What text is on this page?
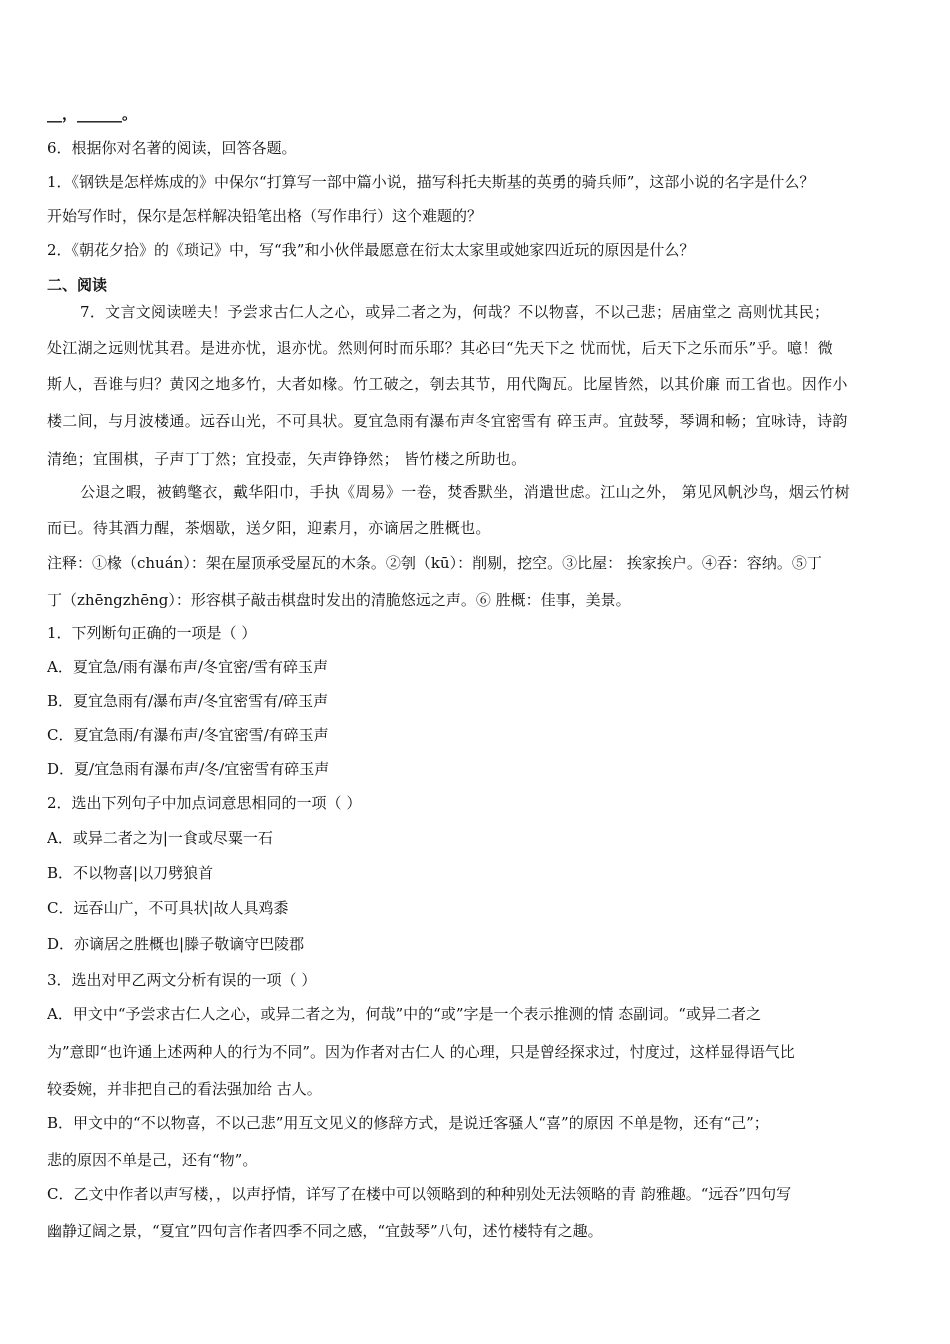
__，______。
6．根据你对名著的阅读，回答各题。
1．《钢铁是怎样炼成的》中保尔“打算写一部中篇小说，描写科托夫斯基的英勇的骑兵师”，这部小说的名字是什么？
开始写作时，保尔是怎样解决铅笔出格（写作串行）这个难题的？
2．《朝花夕拾》的《琐记》中，写“我”和小伙伴最愿意在衍太太家里或她家四近玩的原因是什么？
二、阅读
7．文言文阅读嗟夫！予尝求古仁人之心，或异二者之为，何哉？不以物喜，不以己悲；居庙堂之 高则忧其民；
处江湖之远则忧其君。是进亦忧，退亦忧。然则何时而乐耶？其必曰“先天下之 忧而忧，后天下之乐而乐”乎。噫！微
斯人，吾谁与归？黄冈之地多竹，大者如椽。竹工破之，刳去其节，用代陶瓦。比屋皆然，以其价廉 而工省也。因作小
楼二间，与月波楼通。远吞山光，不可具状。夏宜急雨有瀑布声冬宜密雪有 碎玉声。宜鼓琴，琴调和畅；宜咏诗，诗韵
清绝；宜围棋，子声丁丁然；宜投壶，矢声铮铮然； 皆竹楼之所助也。
公退之暇，被鹤氅衣，戴华阳巾，手执《周易》一卷，焚香默坐，消遣世虑。江山之外， 第见风帆沙鸟，烟云竹树
而已。待其酒力醒，茶烟歇，送夕阳，迎素月，亦谪居之胜概也。
注释：①椽（chuán）：架在屋顶承受屋瓦的木条。②刳（kū）：削剔，挖空。③比屋： 挨家挨户。④吞：容纳。⑤丁
丁（zhēngzhēng）：形容棋子敲击棋盘时发出的清脆悠远之声。⑥ 胜概：佳事，美景。
1．下列断句正确的一项是（ ）
A．夏宜急/雨有瀑布声/冬宜密/雪有碎玉声
B．夏宜急雨有/瀑布声/冬宜密雪有/碎玉声
C．夏宜急雨/有瀑布声/冬宜密雪/有碎玉声
D．夏/宜急雨有瀑布声/冬/宜密雪有碎玉声
2．选出下列句子中加点词意思相同的一项（ ）
A．或异二者之为|一食或尽粟一石
B．不以物喜|以刀劈狼首
C．远吞山广，不可具状|故人具鸡黍
D．亦谪居之胜概也|滕子敬谪守巴陵郡
3．选出对甲乙两文分析有误的一项（ ）
A．甲文中“予尝求古仁人之心，或异二者之为，何哉”中的“或”字是一个表示推测的情 态副词。“或异二者之
为”意即“也许通上述两种人的行为不同”。因为作者对古仁人 的心理，只是曾经探求过，忖度过，这样显得语气比
较委婉，并非把自己的看法强加给 古人。
B．甲文中的“不以物喜，不以己悲”用互文见义的修辞方式，是说迁客骚人“喜”的原因 不单是物，还有“己”；
悲的原因不单是己，还有“物”。
C．乙文中作者以声写楼，，以声抒情，详写了在楼中可以领略到的种种别处无法领略的青 韵雅趣。“远吞”四句写
幽静辽阔之景，“夏宜”四句言作者四季不同之感，“宜鼓琴”八句，述竹楼特有之趣。
